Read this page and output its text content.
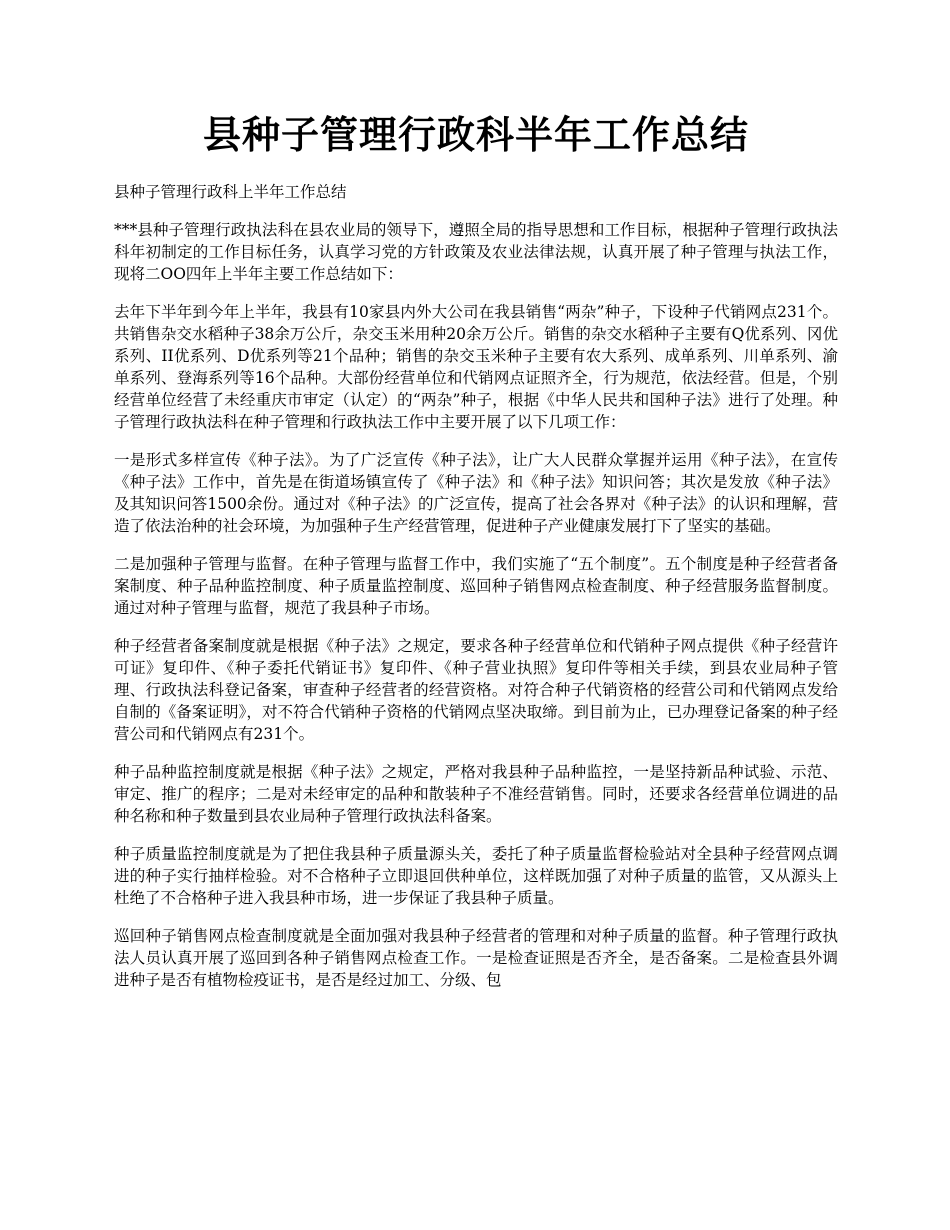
县种子管理行政科半年工作总结

县种子管理行政科上半年工作总结

***县种子管理行政执法科在县农业局的领导下，遵照全局的指导思想和工作目标，根据种子管理行政执法科年初制定的工作目标任务，认真学习党的方针政策及农业法律法规，认真开展了种子管理与执法工作，现将二OO四年上半年主要工作总结如下：

去年下半年到今年上半年，我县有10家县内外大公司在我县销售“两杂”种子，下设种子代销网点231个。共销售杂交水稻种子38余万公斤，杂交玉米用种20余万公斤。销售的杂交水稻种子主要有Q优系列、冈优系列、II优系列、D优系列等21个品种；销售的杂交玉米种子主要有农大系列、成单系列、川单系列、渝单系列、登海系列等16个品种。大部份经营单位和代销网点证照齐全，行为规范，依法经营。但是，个别经营单位经营了未经重庆市审定（认定）的“两杂”种子，根据《中华人民共和国种子法》进行了处理。种子管理行政执法科在种子管理和行政执法工作中主要开展了以下几项工作：

一是形式多样宣传《种子法》。为了广泛宣传《种子法》，让广大人民群众掌握并运用《种子法》，在宣传《种子法》工作中，首先是在街道场镇宣传了《种子法》和《种子法》知识问答；其次是发放《种子法》及其知识问答1500余份。通过对《种子法》的广泛宣传，提高了社会各界对《种子法》的认识和理解，营造了依法治种的社会环境，为加强种子生产经营管理，促进种子产业健康发展打下了坚实的基础。

二是加强种子管理与监督。在种子管理与监督工作中，我们实施了“五个制度”。五个制度是种子经营者备案制度、种子品种监控制度、种子质量监控制度、巡回种子销售网点检查制度、种子经营服务监督制度。通过对种子管理与监督，规范了我县种子市场。

种子经营者备案制度就是根据《种子法》之规定，要求各种子经营单位和代销种子网点提供《种子经营许可证》复印件、《种子委托代销证书》复印件、《种子营业执照》复印件等相关手续，到县农业局种子管理、行政执法科登记备案，审查种子经营者的经营资格。对符合种子代销资格的经营公司和代销网点发给自制的《备案证明》，对不符合代销种子资格的代销网点坚决取缔。到目前为止，已办理登记备案的种子经营公司和代销网点有231个。

种子品种监控制度就是根据《种子法》之规定，严格对我县种子品种监控，一是坚持新品种试验、示范、审定、推广的程序；二是对未经审定的品种和散装种子不准经营销售。同时，还要求各经营单位调进的品种名称和种子数量到县农业局种子管理行政执法科备案。

种子质量监控制度就是为了把住我县种子质量源头关，委托了种子质量监督检验站对全县种子经营网点调进的种子实行抽样检验。对不合格种子立即退回供种单位，这样既加强了对种子质量的监管，又从源头上杜绝了不合格种子进入我县种市场，进一步保证了我县种子质量。

巡回种子销售网点检查制度就是全面加强对我县种子经营者的管理和对种子质量的监督。种子管理行政执法人员认真开展了巡回到各种子销售网点检查工作。一是检查证照是否齐全，是否备案。二是检查县外调进种子是否有植物检疫证书，是否是经过加工、分级、包
